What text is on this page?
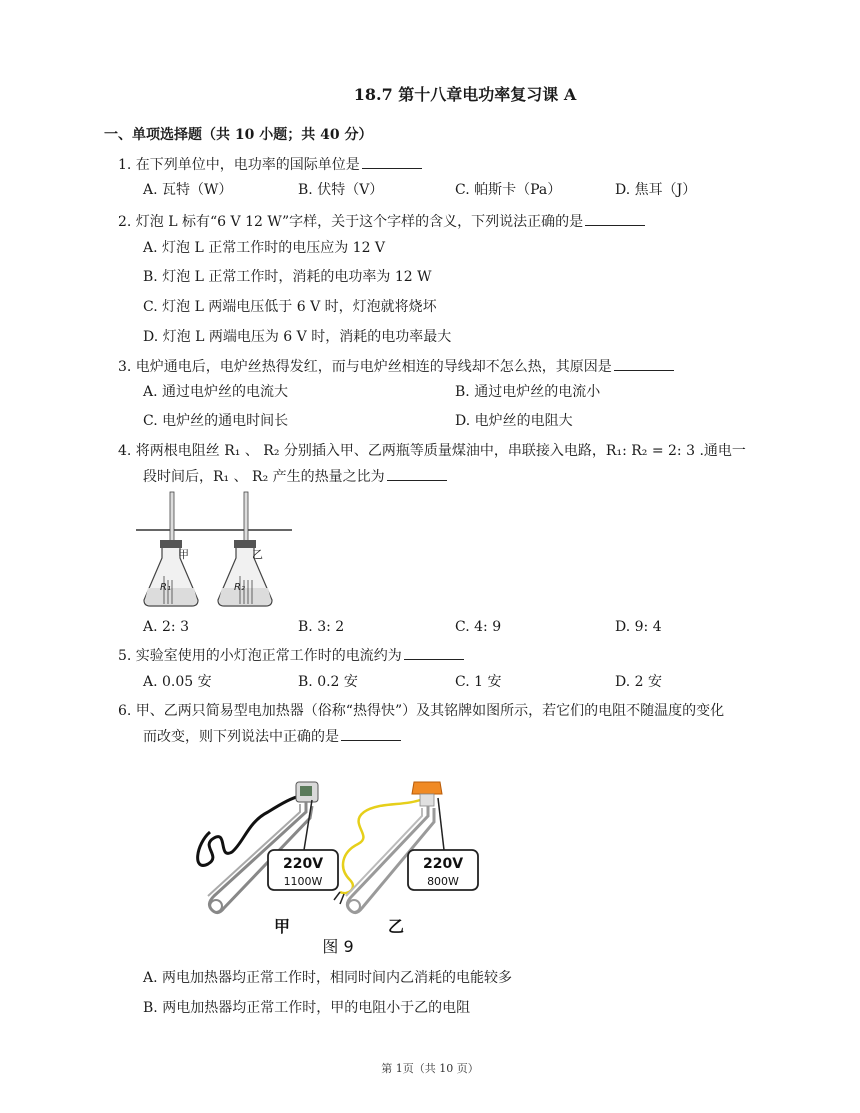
18.7 第十八章电功率复习课 A
一、单项选择题（共 10 小题；共 40 分）
1. 在下列单位中，电功率的国际单位是
A. 瓦特（W）	B. 伏特（V）	C. 帕斯卡（Pa）	D. 焦耳（J）
2. 灯泡 L 标有“6 V 12 W”字样，关于这个字样的含义，下列说法正确的是
A. 灯泡 L 正常工作时的电压应为 12 V
B. 灯泡 L 正常工作时，消耗的电功率为 12 W
C. 灯泡 L 两端电压低于 6 V 时，灯泡就将烧坏
D. 灯泡 L 两端电压为 6 V 时，消耗的电功率最大
3. 电炉通电后，电炉丝热得发红，而与电炉丝相连的导线却不怎么热，其原因是
A. 通过电炉丝的电流大	B. 通过电炉丝的电流小
C. 电炉丝的通电时间长	D. 电炉丝的电阻大
4. 将两根电阻丝 R₁ 、 R₂ 分别插入甲、乙两瓶等质量煤油中，串联接入电路，R₁: R₂ = 2: 3 .通电一
段时间后，R₁ 、 R₂ 产生的热量之比为
甲
R₁
乙
R₂
A. 2: 3	B. 3: 2	C. 4: 9	D. 9: 4
5. 实验室使用的小灯泡正常工作时的电流约为
A. 0.05 安	B. 0.2 安	C. 1 安	D. 2 安
6. 甲、乙两只简易型电加热器（俗称“热得快”）及其铭牌如图所示，若它们的电阻不随温度的变化
而改变，则下列说法中正确的是
220V
1100W
甲
220V
800W
乙
图 9
A. 两电加热器均正常工作时，相同时间内乙消耗的电能较多
B. 两电加热器均正常工作时，甲的电阻小于乙的电阻
第 1页（共 10 页）
